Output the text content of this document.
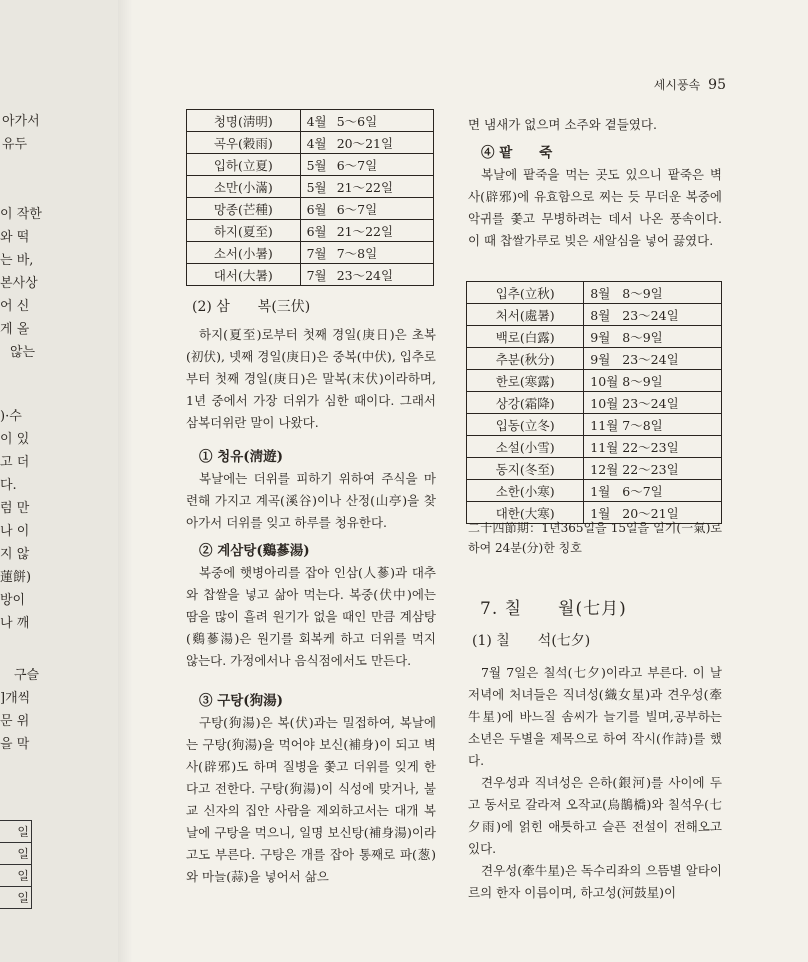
아가서
유두
이 작한
와 떡
는 바,
본사상
어 신
게 올
않는
)·수
이 있
고 더
다.
럼 만
나 이
지 않
蓮餅)
방이
나 깨
구슬
]개씩
문 위
을 막
일
일
일
일
세시풍속 95
청명(淸明)	4월	5～6일
곡우(穀雨)	4월	20～21일
입하(立夏)	5월	6～7일
소만(小滿)	5월	21～22일
망종(芒種)	6월	6～7일
하지(夏至)	6월	21～22일
소서(小暑)	7월	7～8일
대서(大暑)	7월	23～24일

(2) 삼　　복(三伏)

하지(夏至)로부터 첫째 경일(庚日)은 초복(初伏), 넷째 경일(庚日)은 중복(中伏), 입추로부터 첫째 경일(庚日)은 말복(末伏)이라하며, 1년 중에서 가장 더위가 심한 때이다. 그래서 삼복더위란 말이 나왔다.

① 청유(淸遊)

복날에는 더위를 피하기 위하여 주식을 마련해 가지고 계곡(溪谷)이나 산정(山亭)을 찾아가서 더위를 잊고 하루를 청유한다.

② 계삼탕(鷄蔘湯)

복중에 햇병아리를 잡아 인삼(人蔘)과 대추와 찹쌀을 넣고 삶아 먹는다. 복중(伏中)에는 땀을 많이 흘려 원기가 없을 때인 만큼 계삼탕(鷄蔘湯)은 원기를 회복케 하고 더위를 먹지 않는다. 가정에서나 음식점에서도 만든다.

③ 구탕(狗湯)

구탕(狗湯)은 복(伏)과는 밀접하여, 복날에는 구탕(狗湯)을 먹어야 보신(補身)이 되고 벽사(辟邪)도 하며 질병을 쫓고 더위를 잊게 한다고 전한다. 구탕(狗湯)이 식성에 맞거나, 불교 신자의 집안 사람을 제외하고서는 대개 복날에 구탕을 먹으니, 일명 보신탕(補身湯)이라고도 부른다. 구탕은 개를 잡아 통째로 파(葱)와 마늘(蒜)을 넣어서 삶으

면 냄새가 없으며 소주와 곁들였다.

④ 팥　　죽

복날에 팥죽을 먹는 곳도 있으니 팥죽은 벽사(辟邪)에 유효함으로 찌는 듯 무더운 복중에 악귀를 쫓고 무병하려는 데서 나온 풍속이다. 이 때 찹쌀가루로 빚은 새알심을 넣어 끓였다.

입추(立秋)	8월	8～9일
처서(處暑)	8월	23～24일
백로(白露)	9월	8～9일
추분(秋分)	9월	23～24일
한로(寒露)	10월	8～9일
상강(霜降)	10월	23～24일
입동(立冬)	11월	7～8일
소설(小雪)	11월	22～23일
동지(冬至)	12월	22～23일
소한(小寒)	1월	6～7일
대한(大寒)	1월	20～21일

二十四節期：1년365일을 15일을 일기(一氣)로 하여 24분(分)한 칭호

7. 칠　　월(七月)

(1) 칠　　석(七夕)

7월 7일은 칠석(七夕)이라고 부른다. 이 날 저녁에 처녀들은 직녀성(織女星)과 견우성(牽牛星)에 바느질 솜씨가 늘기를 빌며,공부하는 소년은 두별을 제목으로 하여 작시(作詩)를 했다.

견우성과 직녀성은 은하(銀河)를 사이에 두고 동서로 갈라져 오작교(烏鵲橋)와 칠석우(七夕雨)에 얽힌 애틋하고 슬픈 전설이 전해오고 있다.

견우성(牽牛星)은 독수리좌의 으뜸별 알타이르의 한자 이름이며, 하고성(河鼓星)이
